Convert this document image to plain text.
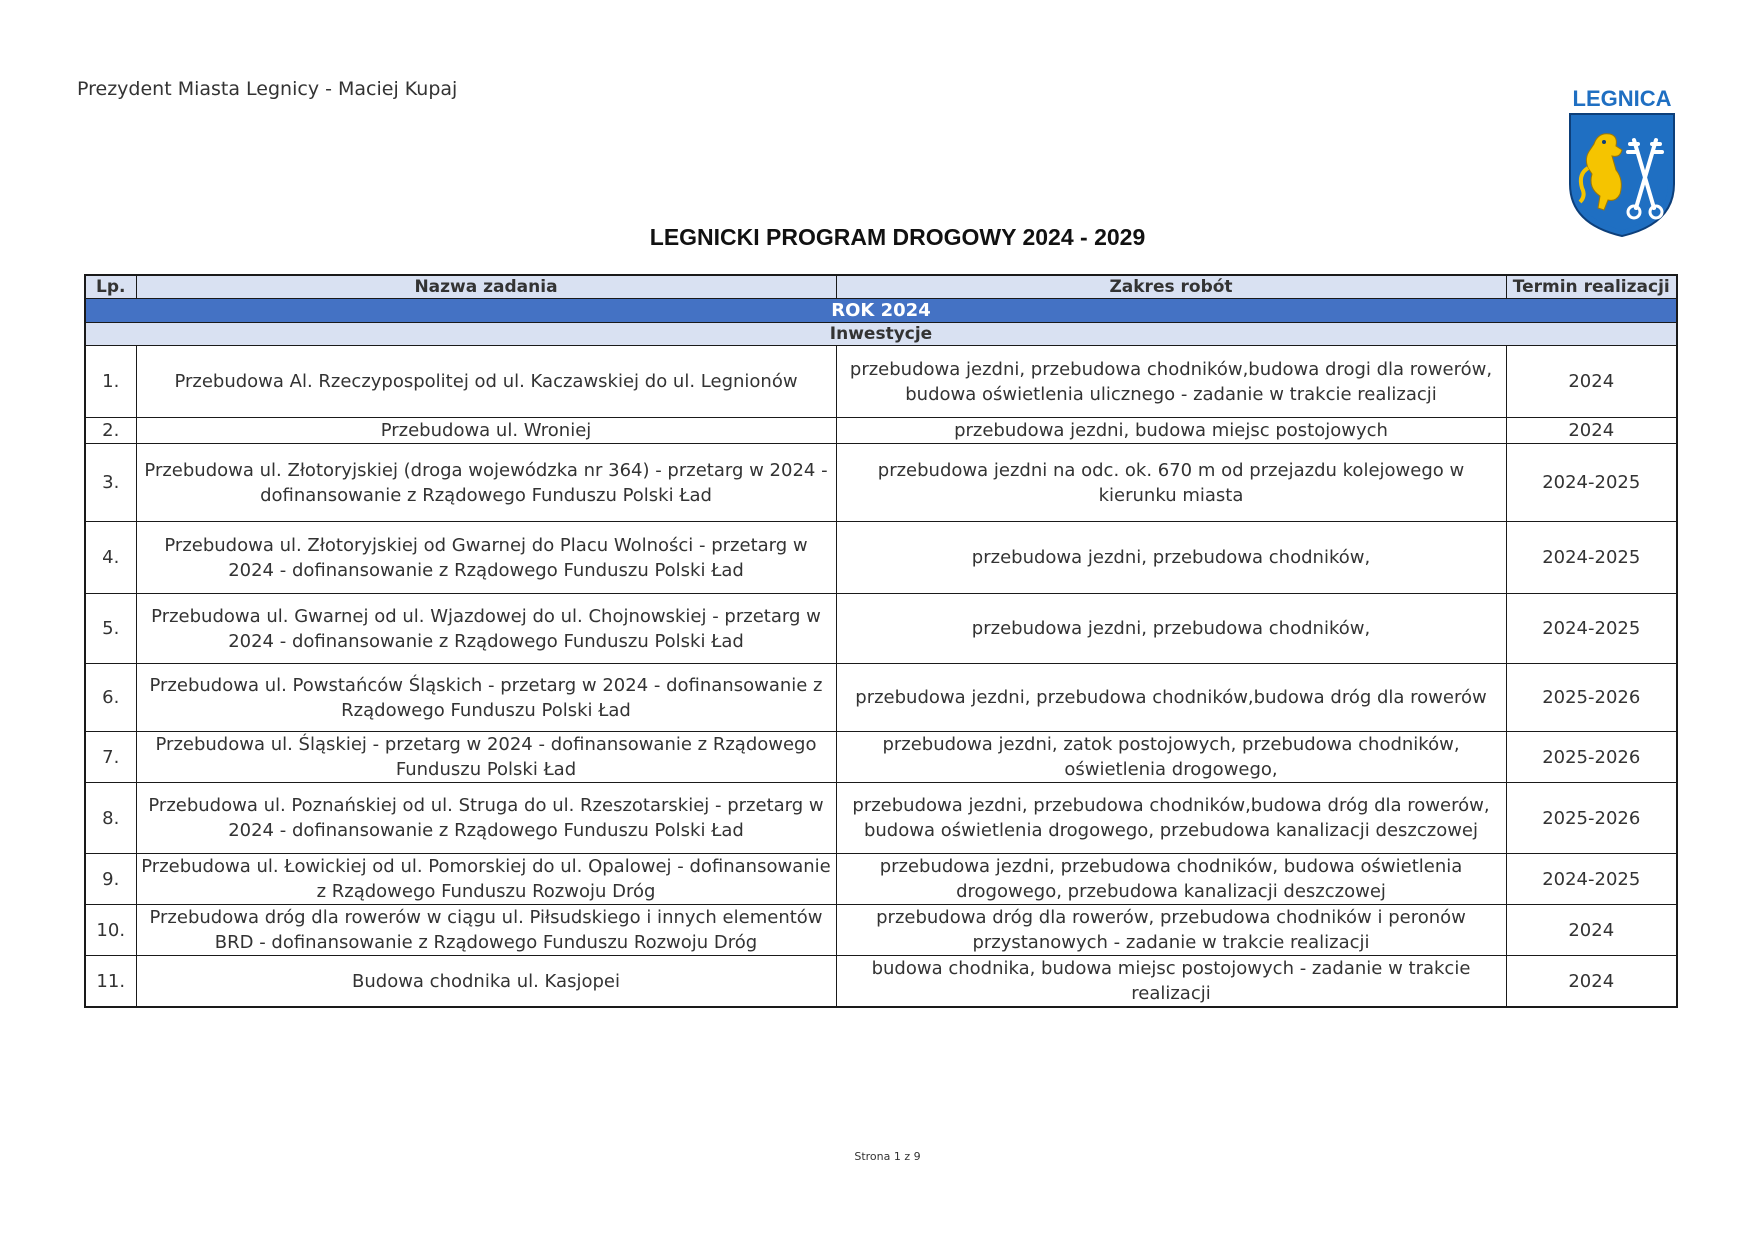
Prezydent Miasta Legnicy - Maciej Kupaj	LEGNICA
LEGNICKI PROGRAM DROGOWY 2024 - 2029
Lp.	Nazwa zadania	Zakres robót	Termin realizacji
ROK 2024			
Inwestycje			
1.	Przebudowa Al. Rzeczypospolitej od ul. Kaczawskiej do ul. Legnionów	przebudowa jezdni, przebudowa chodników,budowa drogi dla rowerów, budowa oświetlenia ulicznego - zadanie w trakcie realizacji	2024
2.	Przebudowa ul. Wroniej	przebudowa jezdni, budowa miejsc postojowych	2024
3.	Przebudowa ul. Złotoryjskiej (droga wojewódzka nr 364) - przetarg w 2024 - dofinansowanie z Rządowego Funduszu Polski Ład	przebudowa jezdni na odc. ok. 670 m od przejazdu kolejowego w kierunku miasta	2024-2025
4.	Przebudowa ul. Złotoryjskiej od Gwarnej do Placu Wolności - przetarg w 2024 - dofinansowanie z Rządowego Funduszu Polski Ład	przebudowa jezdni, przebudowa chodników,	2024-2025
5.	Przebudowa ul. Gwarnej od ul. Wjazdowej do ul. Chojnowskiej - przetarg w 2024 - dofinansowanie z Rządowego Funduszu Polski Ład	przebudowa jezdni, przebudowa chodników,	2024-2025
6.	Przebudowa ul. Powstańców Śląskich - przetarg w 2024 - dofinansowanie z Rządowego Funduszu Polski Ład	przebudowa jezdni, przebudowa chodników,budowa dróg dla rowerów	2025-2026
7.	Przebudowa ul. Śląskiej - przetarg w 2024 - dofinansowanie z Rządowego Funduszu Polski Ład	przebudowa jezdni, zatok postojowych, przebudowa chodników, oświetlenia drogowego,	2025-2026
8.	Przebudowa ul. Poznańskiej od ul. Struga do ul. Rzeszotarskiej - przetarg w 2024 - dofinansowanie z Rządowego Funduszu Polski Ład	przebudowa jezdni, przebudowa chodników,budowa dróg dla rowerów, budowa oświetlenia drogowego, przebudowa kanalizacji deszczowej	2025-2026
9.	Przebudowa ul. Łowickiej od ul. Pomorskiej do ul. Opalowej - dofinansowanie z Rządowego Funduszu Rozwoju Dróg	przebudowa jezdni, przebudowa chodników, budowa oświetlenia drogowego, przebudowa kanalizacji deszczowej	2024-2025
10.	Przebudowa dróg dla rowerów w ciągu ul. Piłsudskiego i innych elementów BRD - dofinansowanie z Rządowego Funduszu Rozwoju Dróg	przebudowa dróg dla rowerów, przebudowa chodników i peronów przystanowych - zadanie w trakcie realizacji	2024
11.	Budowa chodnika ul. Kasjopei	budowa chodnika, budowa miejsc postojowych - zadanie w trakcie realizacji	2024
Strona 1 z 9
